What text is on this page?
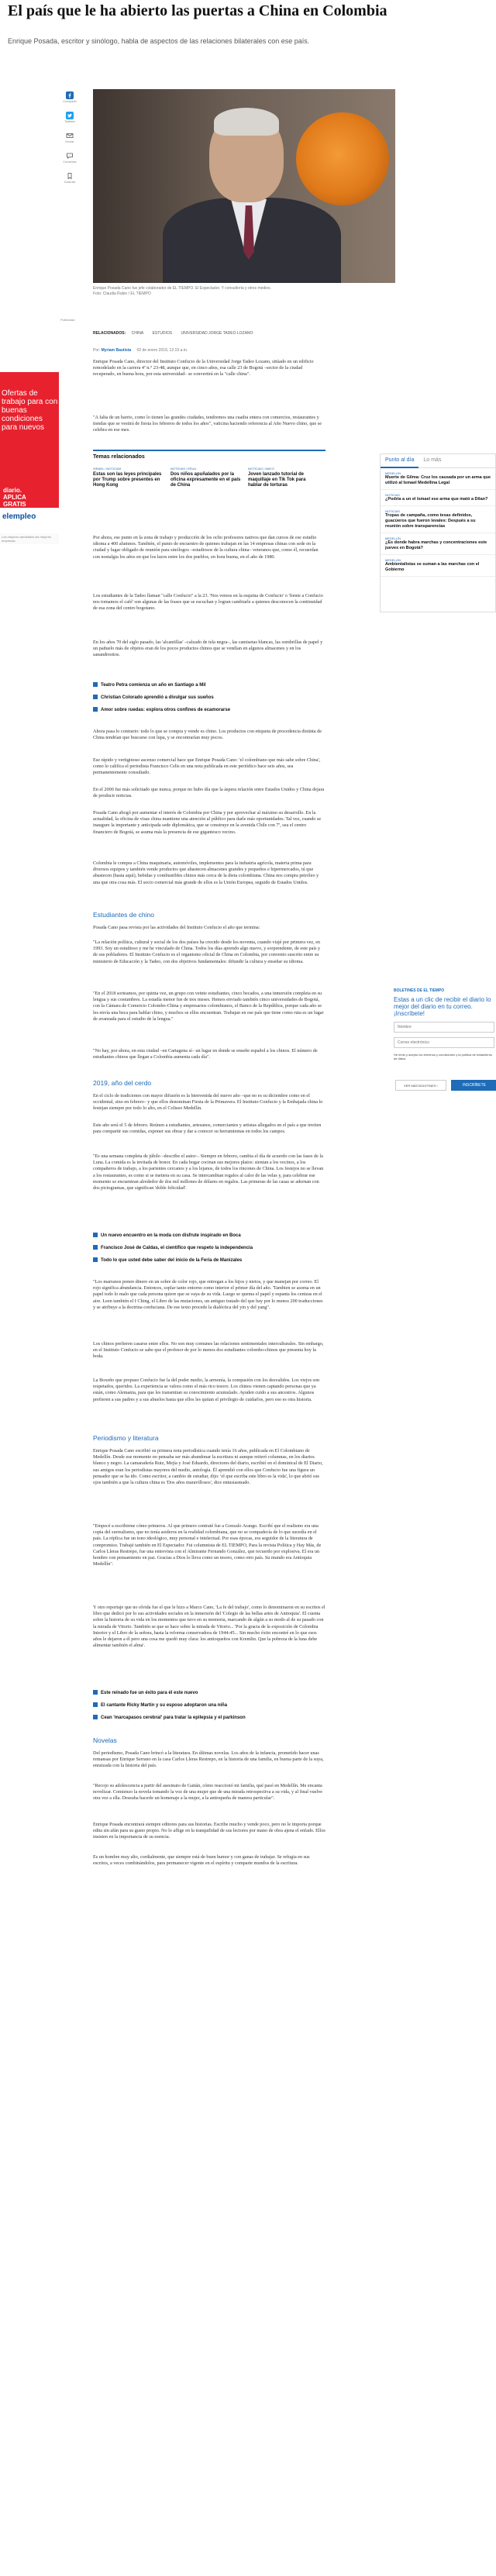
El país que le ha abierto las puertas a China en Colombia
Enrique Posada, escritor y sinólogo, habla de aspectos de las relaciones bilaterales con ese país.
Compartir
Twittear
Enviar
Comentar
Guardar
Enrique Posada Cano fue jefe colaborador de EL TIEMPO. El Espectador. Y consultoría y otros medios.
Foto: Claudia Rubio / EL TIEMPO
Publicidad
Ofertas de trabajo para con buenas condiciones para nuevos
diario.
APLICA GRATIS
elempleo
Los mejores candidatos las mejores empresas
RELACIONADOS: CHINA ESTUDIOS UNIVERSIDAD JORGE TADEO LOZANO
Por: Myriam Bautista 02 de enero 2019, 12:19 a.m.
Enrique Posada Cano, director del Instituto Confucio de la Universidad Jorge Tadeo Lozano, sitúado en un edificio remodelado en la carrera 4ª n.° 23-48, aunque que, en cinco años, esa calle 23 de Bogotá –sector de la ciudad recuperado, en buena hora, por esta universidad– se convertirá en la "calle china".
"A falta de un barrio, como lo tienen las grandes ciudades, tendremos una cuadra entera con comercios, restaurantes y tiendas que se vestirá de fiesta los febreros de todos los años", vaticina haciendo referencia al Año Nuevo chino, que se celebra en ese mes.
Temas relacionados
ISRAEL / NOTICIAS
Estas son las leyes principales por Trump sobre presentes en Hong Kong
NOTICIAS / EEUU
Dos niños apuñalados por la oficina expresamente en el país de China
NOTICIAS / MAYO
Joven lanzado tutorial de maquillaje en Tik Tok para hablar de torturas
Por ahora, ese punto en la zona de trabajo y producción de los ocho profesores nativos que dan cursos de ese estudio idioma a 400 alumnos. También, el punto de encuentro de quienes trabajan en las 14 empresas chinas con sede en la ciudad y lugar obligado de reunión para sinólogos –estudiosos de la cultura china– veteranos que, como él, recuerdan con nostalgia los años en que los lazos entre los dos pueblos, en hora buena, en el año de 1980.
Los estudiantes de la Tadeo llaman "calle Confucio" a la 23. 'Nos vemos en la esquina de Confucio' o 'frente a Confucio nos tomamos el café' son algunas de las frases que se escuchan y logran cambiarle a quienes desconocen la continuidad de esa zona del centro bogotano.
En los años 70 del siglo pasado, las 'alcantillas' –calzado de tela negra–, las camisetas blancas, las sombrillas de papel y un pañuelo más de objetos eran de los pocos productos chinos que se vendían en algunos almacenes y en los sanandresitos.
Teatro Petra comienza un año en Santiago a Mil
Christian Colorado aprendió a divulgar sus sueños
Amor sobre ruedas: explora otros confines de ecamorarse
Ahora pasa lo contrario: todo lo que se compra y vende es chino. Los productos con etiqueta de procedencia distinta de China tendrían que buscarse con lupa, y se encontrarían muy pocos.
Ese rápido y vertiginoso ascenso comercial hace que Enrique Posada Cano: 'el colombiano que más sabe sobre China', como lo califica el periodista Francisco Celis en una nota publicada en este periódico hace seis años, sea permanentemente consultado.
En el 2000 fue más solicitado que nunca, porque no hubo día que la áspera relación entre Estados Unidos y China dejara de producir noticias.
Posada Cano abogó por aumentar el interés de Colombia por China y por aprovechar al máximo su desarrollo. En la actualidad, la oficina de visas china mantiene una atención al público para darle más oportunidades. Tal vez, cuando se inaugure la importante y anticipada sede diplomática, que se construye en la avenida Chile con 7ª, sea el centro financiero de Bogotá, se asuma más la presencia de ese gigantesco vecino.
Colombia le compra a China maquinaria, automóviles, implementos para la industria agrícola, materia prima para diversos equipos y también vende productos que abastecen almacenes grandes y pequeños e hipermercados, tú que abastecen (hasta aquí), bebidas y combustibles chinos más cerca de la dieta colombiana. China nos compra petróleo y una que otra cosa más. El socio comercial más grande de ellos es la Unión Europea, seguido de Estados Unidos.
Estudiantes de chino
Posada Cano pasa revista por las actividades del Instituto Confucio el año que termina:
"La relación política, cultural y social de los dos países ha crecido desde los noventa, cuando viajé por primera vez, en 1993. Soy un estudioso y me he vinculado de China. Todos los días aprendo algo nuevo, y sorprendente, de este país y de sus pobladores. El Instituto Confucio es el organismo oficial de China en Colombia, por convenio suscrito entre su ministerio de Educación y la Tadeo, con dos objetivos fundamentales: difundir la cultura y enseñar su idioma.
"En el 2018 sorteamos, por quinta vez, un grupo con veinte estudiantes, cinco becados, a una inmersión completa en su lengua y sus costumbres. La estadía menor fue de tres meses. Hemos enviado también cinco universidades de Bogotá, con la Cámara de Comercio Colombo-China y empresarios colombianos, el Banco de la República, porque cada año se les envía una beca para hablar chino, y muchos se ellos encuentran. Trabajan en ese país que tiene como ruta es un lugar de avanzada para el estudio de la lengua."
"No hay, por ahora, en esta ciudad –en Cartagena sí– un lugar en donde se enseñe español a los chinos. El número de estudiantes chinos que llegan a Colombia aumenta cada día".
2019, año del cerdo
En el ciclo de tradiciones con mayor difusión es la bienvenida del nuevo año –que no es su diciembre como en el occidental, sino en febrero– y que ellos denominan Fiesta de la Primavera. El Instituto Confucio y la Embajada china lo festejan siempre por todo lo alto, en el Coliseo Medellín.
Este año será el 5 de febrero. Reúnen a estudiantes, artesanos, comerciantes y artistas allegados en el país a que inviten para compartir sus comidas, exponer sus obras y dar a conocer su herramientas en todos los campos.
"Es una semana completa de júbilo –describe el autor–. Siempre en febrero, cambia el día de acuerdo con las fases de la Luna. La comida es la invitada de honor. En cada hogar cocinan sus mejores platos: sientan a los vecinos, a los compañeros de trabajo, a los parientes cercanos y a los lejanos, de todos los rincones de China. Los festejos no se llevan a los restaurantes, es como si se metiera en su casa. Se intercambian regalos al calor de las velas y, para celebrar ese momento se encuentran alrededor de dos mil millones de dólares en regalos. Las primeras de las casas se adornan con dos pictogramas, que significan 'doble felicidad'.
Un nuevo encuentro en la moda con disfrute inspirado en Boca
Francisco José de Caldas, el científico que respeto la independencia
Todo lo que usted debe saber del inicio de la Feria de Manizales
"Los marranos ponen dinero en un sobre de color rojo, que entregan a los hijos y nietos, y que manejan por correo. El rojo significa abundancia. Entonces, soplar tanto entorno como interior el primer día del año. 'Tambien se asoma en un papel todo lo malo que cada persona quiere que se vaya de su vida. Luego se quema el papel y espanta los cenizas en el aire. Leen también el I Ching, el Libro de las mutaciones, un antiguo tratado del que hay por lo menos 200 traducciones y se atribuye a la doctrina confuciana. De ese texto procede la dialéctica del yin y del yang".
Los chinos prefieren casarse entre ellos. No son muy comunes las relaciones sentimentales interculturales. Sin embargo, en el Instituto Confucio se sabe que el profesor de por lo menos dos estudiantes colombo-chinos que presenta hoy la boda.
La Boxeño que propuso Confucio fue la del poder medio, la armonía, la compasión con los desvalidos. Los viejos son respetados, queridos. La experiencia se valora como el más rico tesoro. Los chinos vienen captando personas que ya están, como Alemania, para que les transmitan su conocimiento acumulado. Ayuden cuido a sus ancestros. Algunos prefieren a sus padres y a sus abuelos hasta que ellos les quitan el privilegio de cuidarlos, pero eso es otra historia.
Periodismo y literatura
Enrique Posada Cano escribió su primera nota periodística cuando tenía 16 años, publicada en El Colombiano de Medellín. Desde ese momento no pensaba ser más abandonar la escritura ni aunque reiteró columnas, en los diarios blanco y negro. La camaradería Ruiz, Mejía y José Eduardo, directores del diario, escribió en el dominical de El Diario, sus amigos eran los periodistas mayores del medio, antología. Él aprendió con ellos que Confucio fue una figura un pensador que se ha ido. Como escritor, a cambio de estudiar, dijo: 'el que escriba este libro es la vida', lo que abrió sus ojos también a que la cultura china es 'Dos años maravillosos', dice entusiasmado.
"Empecé a escribirme cómo primeros. Al que primero contraté fue a Gonzalo Arango. Escribí que el realismo era una copia del surrealismo, que no tenía asideros en la realidad colombiana, que no se compadecía de lo que sucedía en el país. La réplica fue un tono ideológico, muy personal e intelectual. Por esas épocas, era seguidor de la literatura de compromiso. Trabajé también en El Espectador. Fui columnista de EL TIEMPO, Para la revista Política y Hay Más, de Carlos Lleras Restrepo, fue una entrevista con el Almirante Fernando González, que recuerdo por explosiva. El era un hombre con pensamiento en paz. Gracias a Dios lo lleva como un tesoro, como otro país. Su mundo era Antioquia Medellín".
Y otro reportaje que no olvida fue el que le hizo a Marco Cano, 'La fe del trabajo', como lo denominaron en su escritos el libro que dedicó por lo sus actividades sociales en la inmersión del 'Colegio de las bellas artes de Antioquia'. El cuenta sobre la historia de su vida en los momentos que tuvo en su memoria, marcando de algún a su modo al de su pasado con la mirada de Vitorio. También se que se hace sobre la mirada de Vitorio... 'Por la gracia de la exposición de Colombia Interior y el Libro de la señora, hasta la reforma conservadora de 1944-45... Sin mucho éxito encontré en lo que esos años le dejaron a él pero una cosa me quedó muy clara: los antioqueños con Kremlin. Que la pobreza de la luna debe alimentar también el alma'.
Este reinado fue un éxito para él este nuevo
El cantante Ricky Martin y su esposo adoptaron una niña
Cean 'marcapasos cerebral' para tratar la epilepsia y el parkinson
Novelas
Del periodismo, Posada Cano brincó a la literatura. En últimas novelas. Los años de la infancia, prometido hacer unas remansas por Enrique Serrano en la casa Carlos Lleras Restrepo, en la historia de una familia, en buena parte de la suya, enraizada con la historia del país.
"Recojo su adolescencia a partir del asesinato de Gaitán, cómo reaccionó mi familia, qué pasó en Medellín. Me encanta novelizar. Comienzo la novela tomando la voz de una mujer que de una mirada retrospectiva a su vida, y al final vuelve otra vez a ella. Deseaba hacerle un homenaje a la mujer, a la antioqueña de manera particular".
Enrique Posada encontrará siempre editores para sus historias. Escribe mucho y vende poco, pero no le importa porque edita sin afán para su gusto propio. No lo aflige en la tranquilidad de sus lectores por mano de obra ajena el enfado. Ellos insisten en la importancia de su esencia.
Es un hombre muy alto, cordialmente, que siempre está de buen humor y con ganas de trabajar. Se refugia en sus escritos, a veces combinándolos, para permanecer vigente en el espíritu y comparte mundos de la escritura.
Punto al día	Lo más
MEDELLÍN
Muerte de Gilma: Cruz los causada por un arma que utilizó al Ismael Medellina Legal
NOTICIAS
¿Podría a un el Ismael ese arma que mató a Dilan?
NOTICIAS
Tropas de campaña, como texas definidos, guacúeros que fueron levales: Después a su reunión sobre transparencias
MEDELLÍN
¿Es donde habra marchas y concentraciones este jueves en Bogotá?
MEDELLÍN
Ambientalistas se suman a las marchas con el Gobierno
BOLETINES DE EL TIEMPO
Estas a un clic de recibir el diario lo mejor del diario en tu correo. ¡Inscríbete!
Nombre
Correo electrónico
He leído y acepto los términos y condiciones y la política de tratamiento de datos
VER MÁS BOLETINES ›	INSCRÍBETE
